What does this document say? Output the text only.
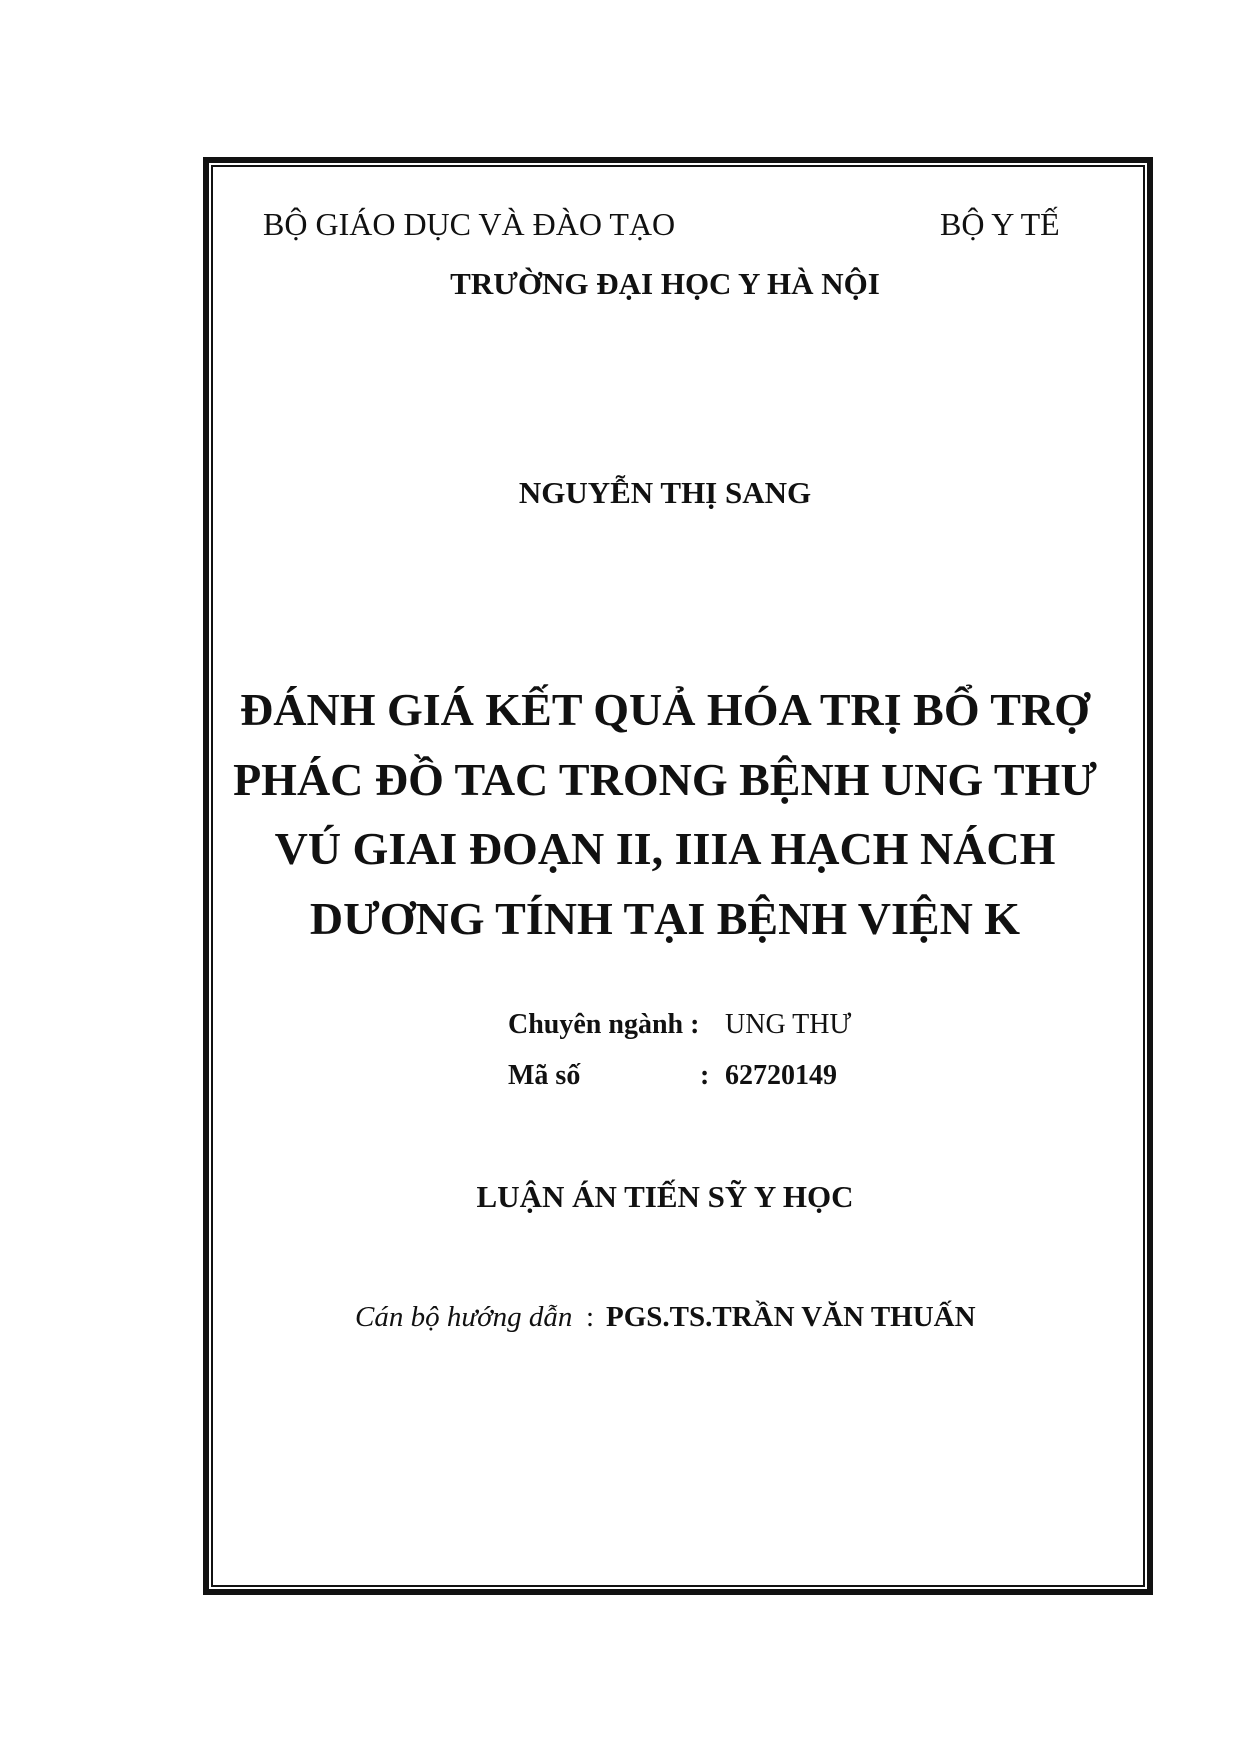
BỘ GIÁO DỤC VÀ ĐÀO TẠO	BỘ Y TẾ
TRƯỜNG ĐẠI HỌC Y HÀ NỘI
NGUYỄN THỊ SANG
ĐÁNH GIÁ KẾT QUẢ HÓA TRỊ BỔ TRỢ
PHÁC ĐỒ TAC TRONG BỆNH UNG THƯ
VÚ GIAI ĐOẠN II, IIIA HẠCH NÁCH
DƯƠNG TÍNH TẠI BỆNH VIỆN K
Chuyên ngành : UNG THƯ
Mã số	: 62720149
LUẬN ÁN TIẾN SỸ Y HỌC
Cán bộ hướng dẫn : PGS.TS.TRẦN VĂN THUẤN
